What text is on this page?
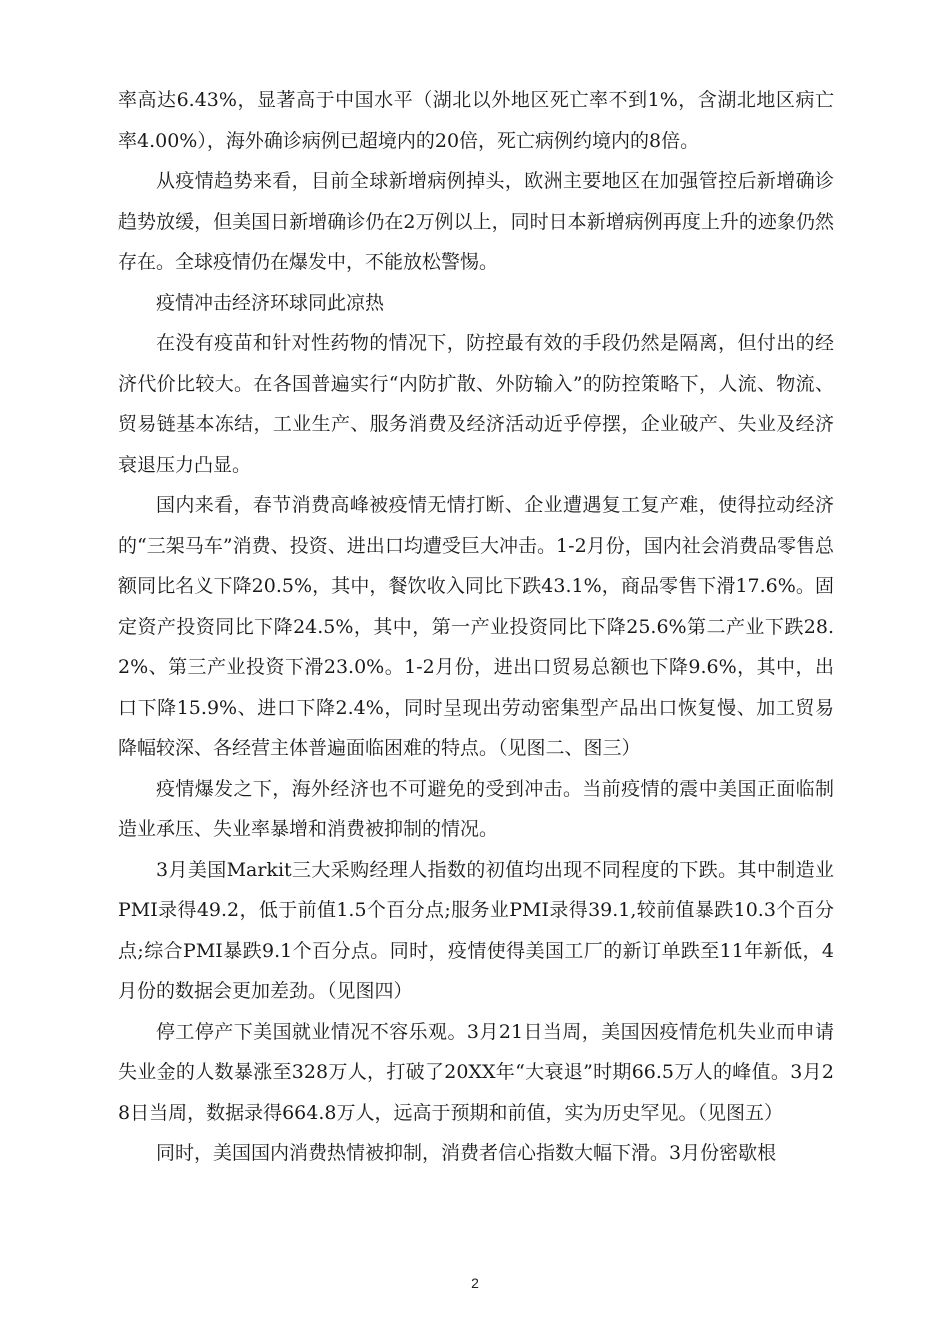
率高达6.43%，显著高于中国水平（湖北以外地区死亡率不到1%，含湖北地区病亡率4.00%），海外确诊病例已超境内的20倍，死亡病例约境内的8倍。

从疫情趋势来看，目前全球新增病例掉头，欧洲主要地区在加强管控后新增确诊趋势放缓，但美国日新增确诊仍在2万例以上，同时日本新增病例再度上升的迹象仍然存在。全球疫情仍在爆发中，不能放松警惕。

疫情冲击经济环球同此凉热

在没有疫苗和针对性药物的情况下，防控最有效的手段仍然是隔离，但付出的经济代价比较大。在各国普遍实行“内防扩散、外防输入”的防控策略下，人流、物流、贸易链基本冻结，工业生产、服务消费及经济活动近乎停摆，企业破产、失业及经济衰退压力凸显。

国内来看，春节消费高峰被疫情无情打断、企业遭遇复工复产难，使得拉动经济的“三架马车”消费、投资、进出口均遭受巨大冲击。1-2月份，国内社会消费品零售总额同比名义下降20.5%，其中，餐饮收入同比下跌43.1%，商品零售下滑17.6%。固定资产投资同比下降24.5%，其中，第一产业投资同比下降25.6%第二产业下跌28.2%、第三产业投资下滑23.0%。1-2月份，进出口贸易总额也下降9.6%，其中，出口下降15.9%、进口下降2.4%，同时呈现出劳动密集型产品出口恢复慢、加工贸易降幅较深、各经营主体普遍面临困难的特点。（见图二、图三）

疫情爆发之下，海外经济也不可避免的受到冲击。当前疫情的震中美国正面临制造业承压、失业率暴增和消费被抑制的情况。

3月美国Markit三大采购经理人指数的初值均出现不同程度的下跌。其中制造业PMI录得49.2，低于前值1.5个百分点;服务业PMI录得39.1,较前值暴跌10.3个百分点;综合PMI暴跌9.1个百分点。同时，疫情使得美国工厂的新订单跌至11年新低，4月份的数据会更加差劲。（见图四）

停工停产下美国就业情况不容乐观。3月21日当周，美国因疫情危机失业而申请失业金的人数暴涨至328万人，打破了20XX年“大衰退”时期66.5万人的峰值。3月28日当周，数据录得664.8万人，远高于预期和前值，实为历史罕见。（见图五）

同时，美国国内消费热情被抑制，消费者信心指数大幅下滑。3月份密歇根

2
